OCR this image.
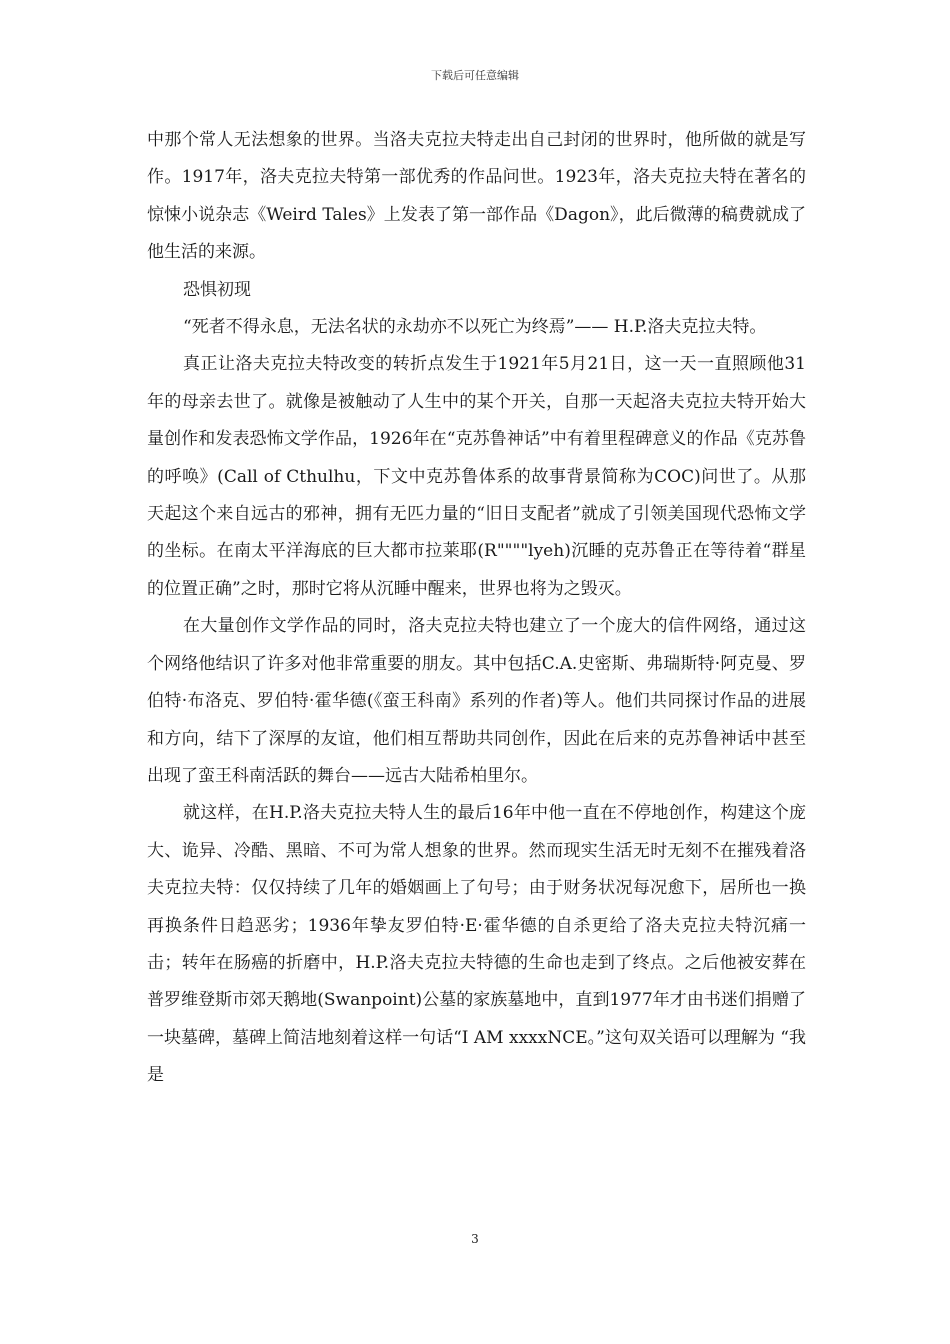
下载后可任意编辑

中那个常人无法想象的世界。当洛夫克拉夫特走出自己封闭的世界时，他所做的就是写作。1917年，洛夫克拉夫特第一部优秀的作品问世。1923年，洛夫克拉夫特在著名的惊悚小说杂志《Weird Tales》上发表了第一部作品《Dagon》，此后微薄的稿费就成了他生活的来源。

恐惧初现

“死者不得永息，无法名状的永劫亦不以死亡为终焉”—— H.P.洛夫克拉夫特。

真正让洛夫克拉夫特改变的转折点发生于1921年5月21日，这一天一直照顾他31年的母亲去世了。就像是被触动了人生中的某个开关，自那一天起洛夫克拉夫特开始大量创作和发表恐怖文学作品，1926年在“克苏鲁神话”中有着里程碑意义的作品《克苏鲁的呼唤》(Call of Cthulhu，下文中克苏鲁体系的故事背景简称为COC)问世了。从那天起这个来自远古的邪神，拥有无匹力量的“旧日支配者”就成了引领美国现代恐怖文学的坐标。在南太平洋海底的巨大都市拉莱耶(R""""lyeh)沉睡的克苏鲁正在等待着“群星的位置正确”之时，那时它将从沉睡中醒来，世界也将为之毁灭。

在大量创作文学作品的同时，洛夫克拉夫特也建立了一个庞大的信件网络，通过这个网络他结识了许多对他非常重要的朋友。其中包括C.A.史密斯、弗瑞斯特·阿克曼、罗伯特·布洛克、罗伯特·霍华德(《蛮王科南》系列的作者)等人。他们共同探讨作品的进展和方向，结下了深厚的友谊，他们相互帮助共同创作，因此在后来的克苏鲁神话中甚至出现了蛮王科南活跃的舞台——远古大陆希柏里尔。

就这样，在H.P.洛夫克拉夫特人生的最后16年中他一直在不停地创作，构建这个庞大、诡异、冷酷、黑暗、不可为常人想象的世界。然而现实生活无时无刻不在摧残着洛夫克拉夫特：仅仅持续了几年的婚姻画上了句号；由于财务状况每况愈下，居所也一换再换条件日趋恶劣；1936年挚友罗伯特·E·霍华德的自杀更给了洛夫克拉夫特沉痛一击；转年在肠癌的折磨中，H.P.洛夫克拉夫特德的生命也走到了终点。之后他被安葬在普罗维登斯市郊天鹅地(Swanpoint)公墓的家族墓地中，直到1977年才由书迷们捐赠了一块墓碑，墓碑上简洁地刻着这样一句话“I AM xxxxNCE。”这句双关语可以理解为 “我是

3
